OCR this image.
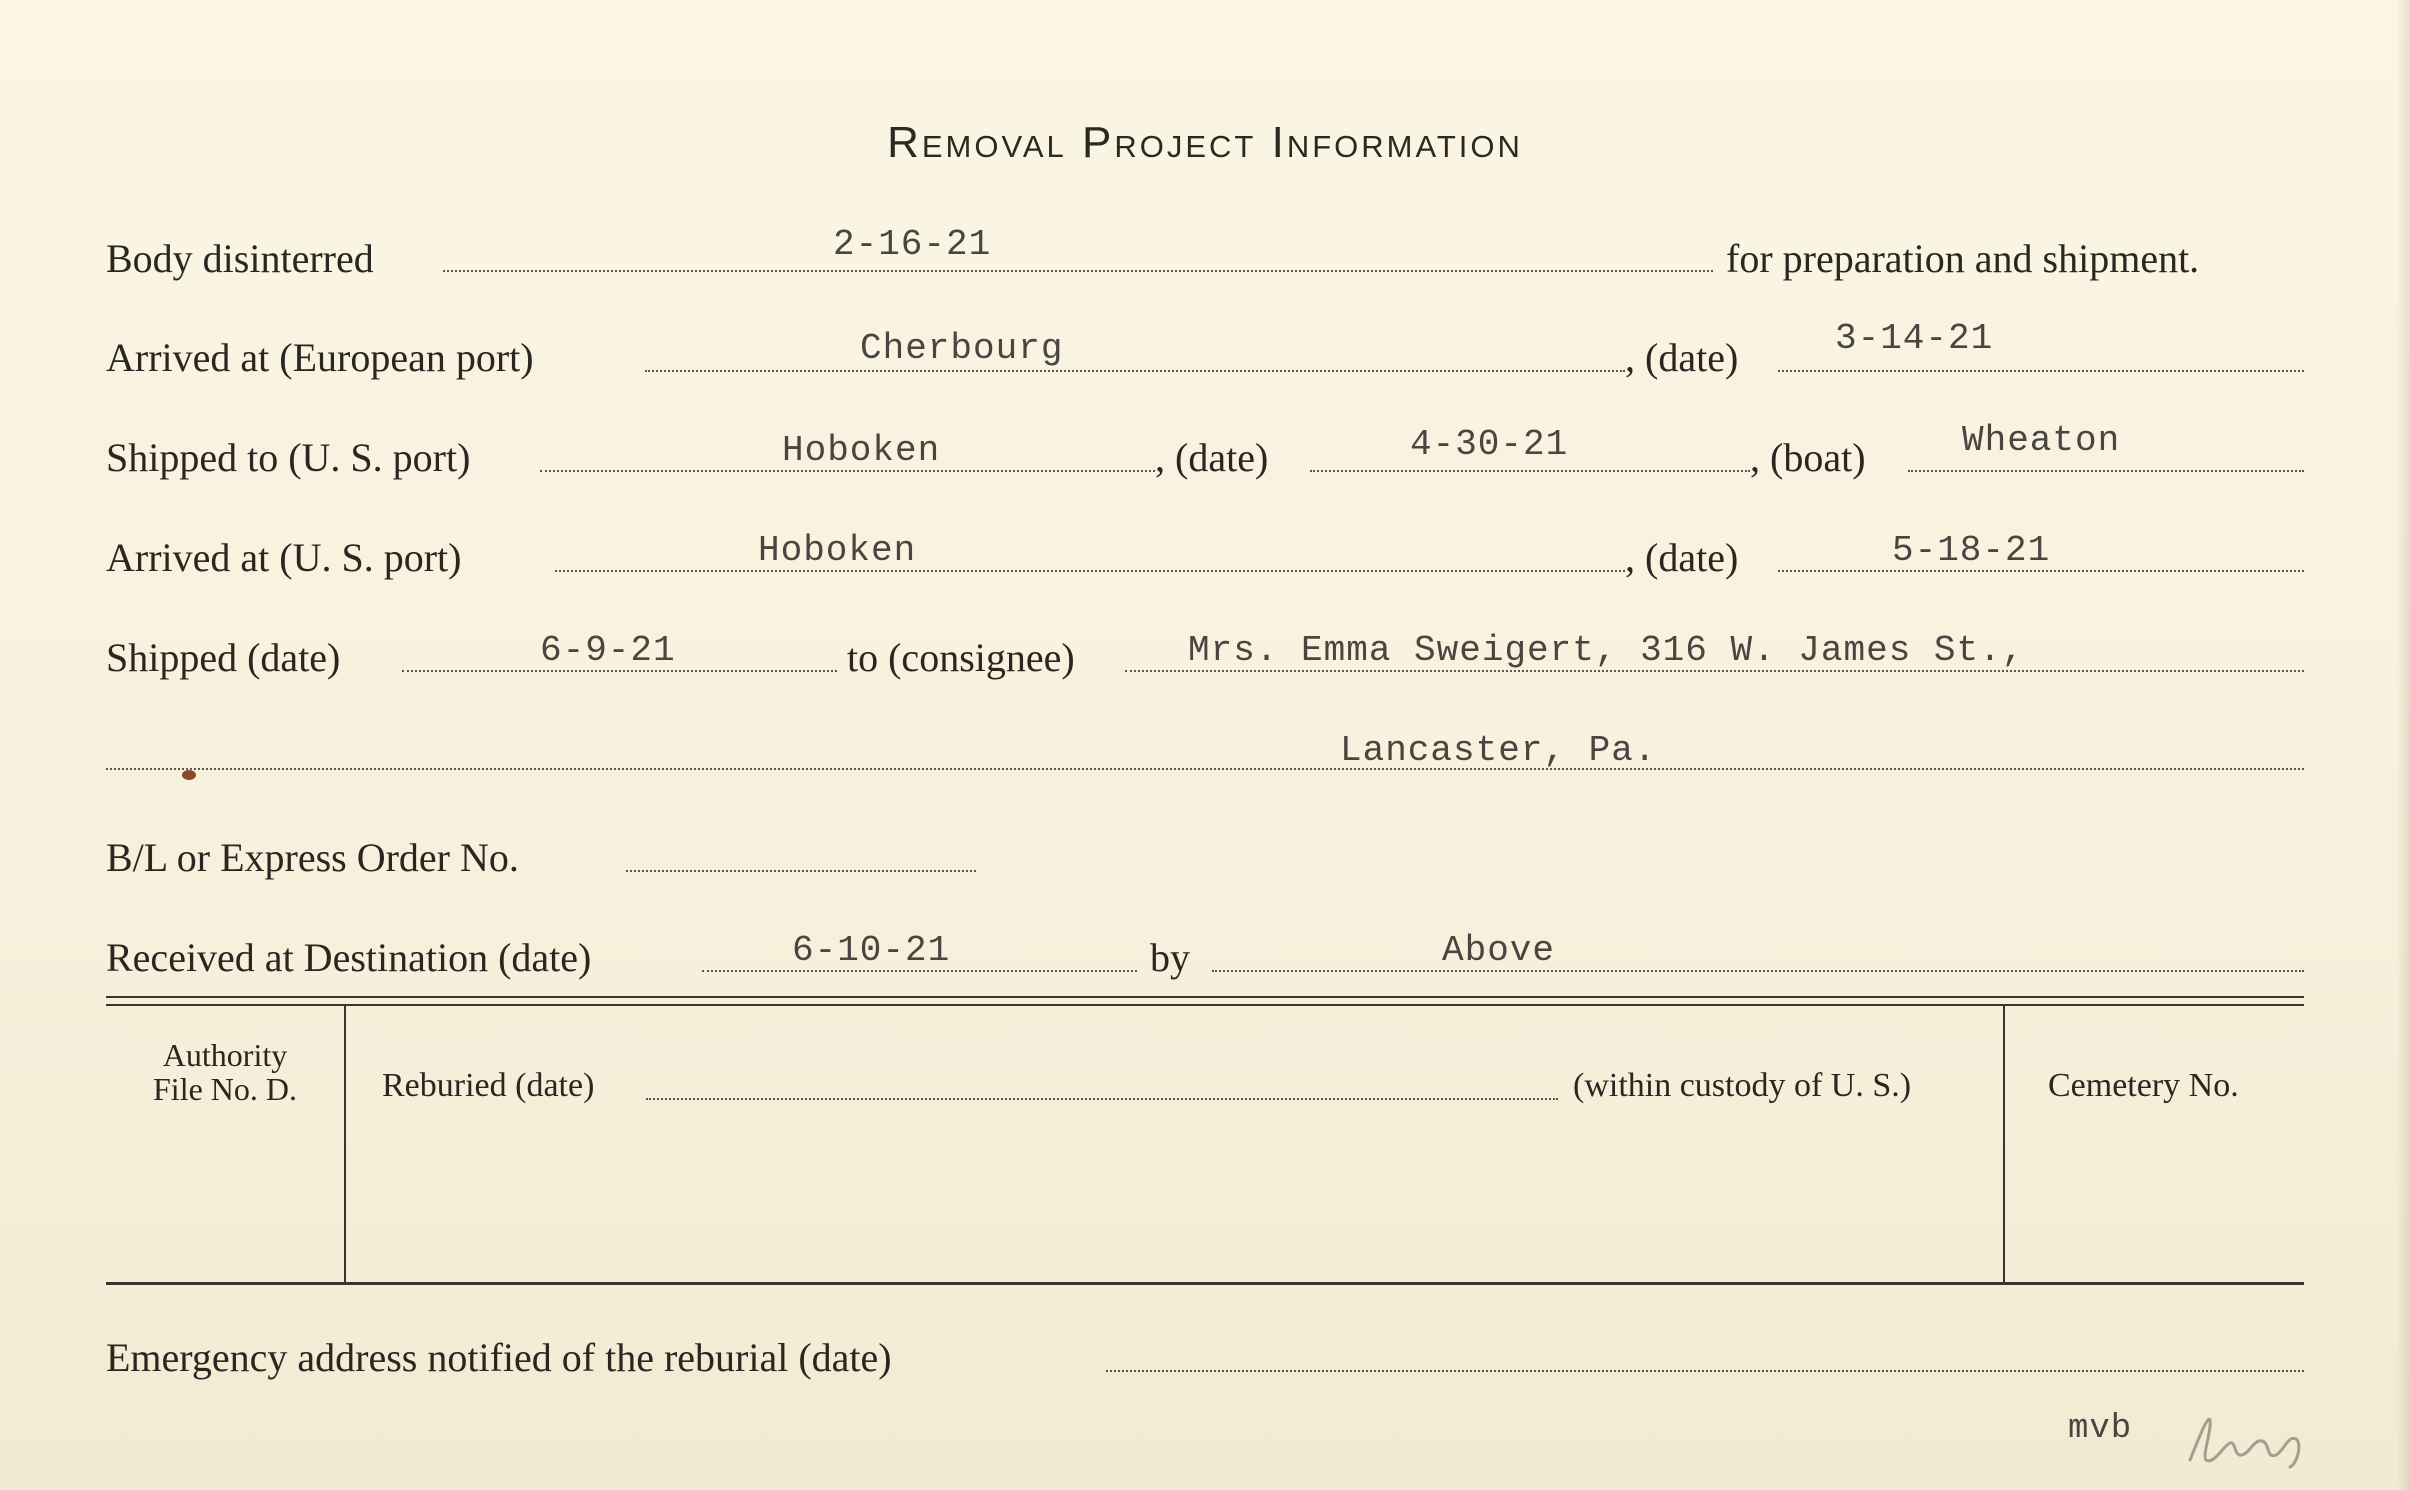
Removal Project Information
Body disinterred	2-16-21	for preparation and shipment.
Arrived at (European port)	Cherbourg	, (date)	3-14-21
Shipped to (U. S. port)	Hoboken	, (date)	4-30-21	, (boat)	Wheaton
Arrived at (U. S. port)	Hoboken	, (date)	5-18-21
Shipped (date)	6-9-21	to (consignee)	Mrs. Emma Sweigert, 316 W. James St.,
Lancaster, Pa.
B/L or Express Order No.
Received at Destination (date)	6-10-21	by	Above
Authority
File No. D.	Reburied (date)	(within custody of U. S.)	Cemetery No.
Emergency address notified of the reburial (date)
mvb
